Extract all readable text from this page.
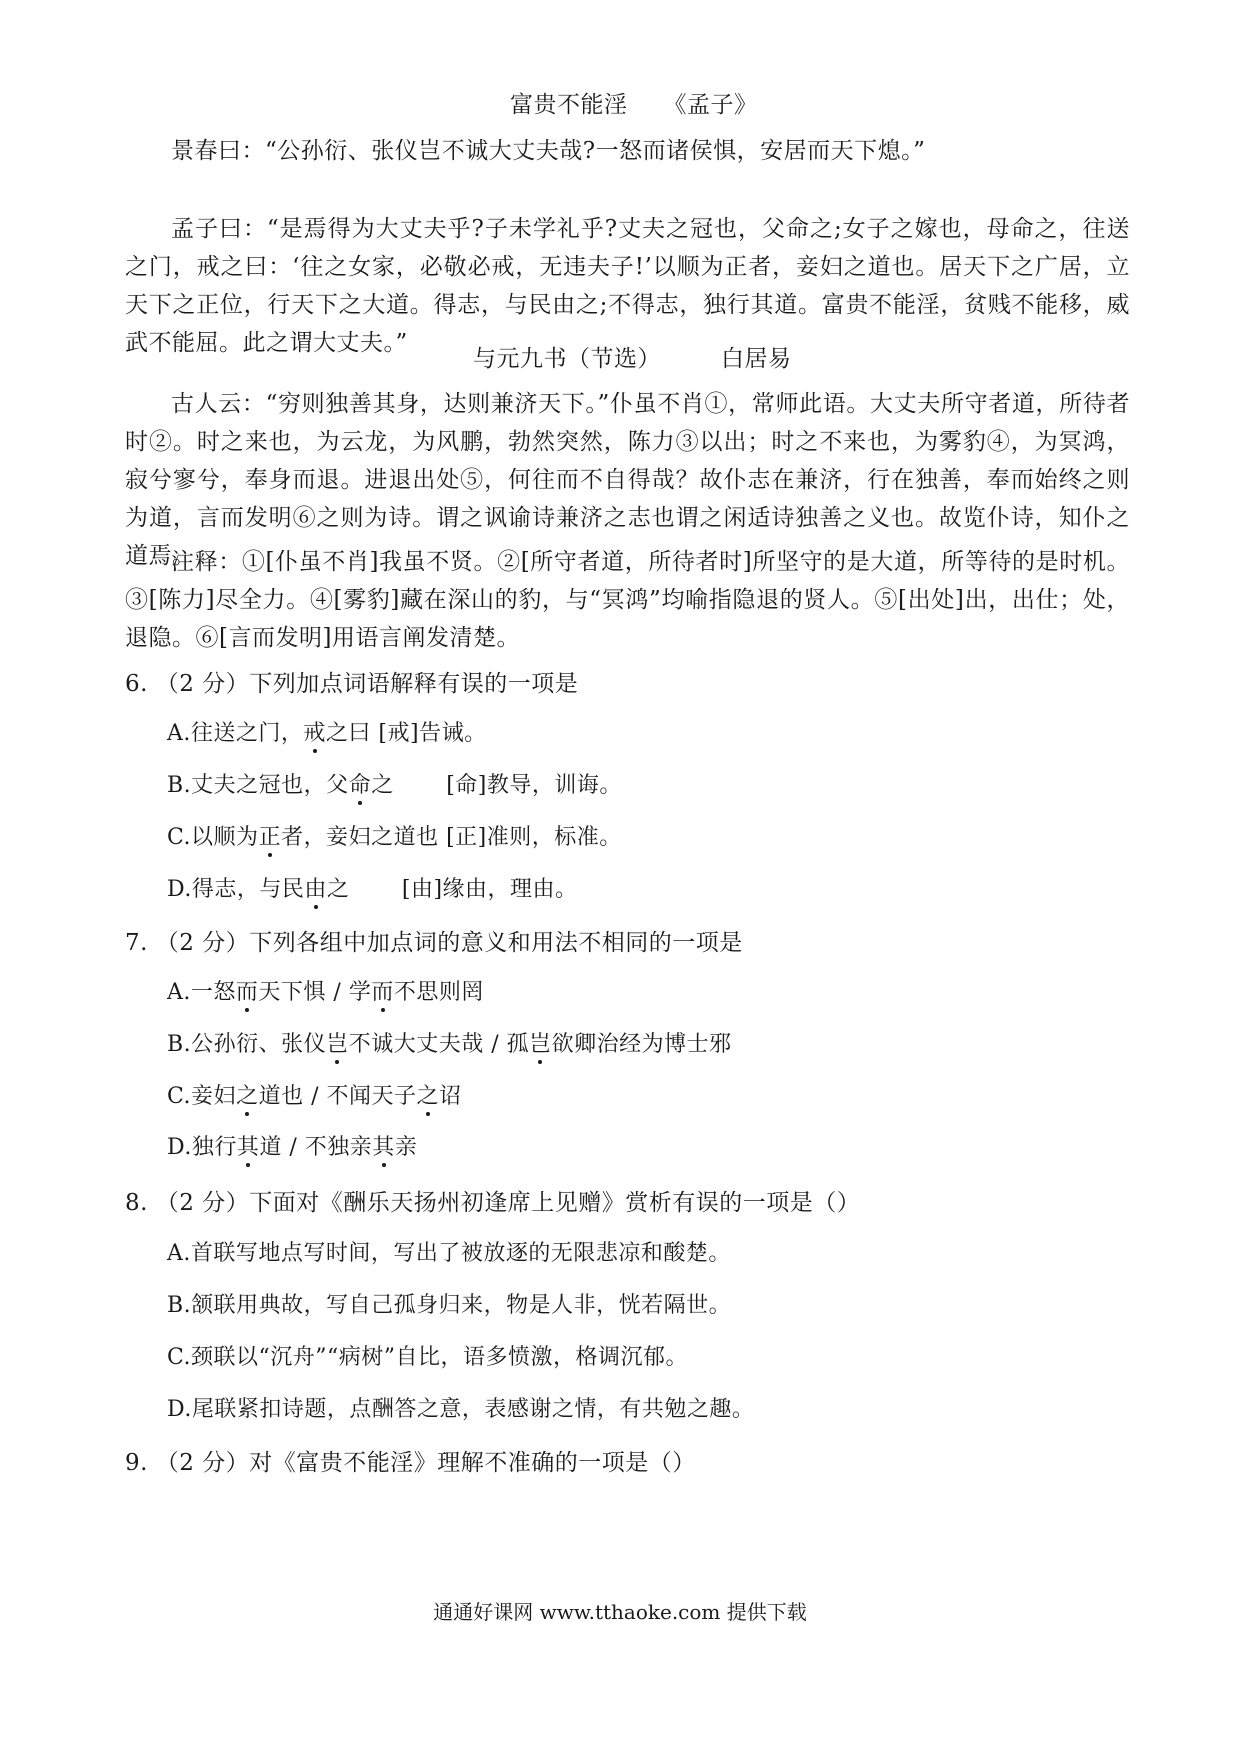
富贵不能淫 《孟子》

景春曰：“公孙衍、张仪岂不诚大丈夫哉?一怒而诸侯惧，安居而天下熄。”

孟子曰：“是焉得为大丈夫乎?子未学礼乎?丈夫之冠也，父命之;女子之嫁也，母命之，往送之门，戒之曰：‘往之女家，必敬必戒，无违夫子!’以顺为正者，妾妇之道也。居天下之广居，立天下之正位，行天下之大道。得志，与民由之;不得志，独行其道。富贵不能淫，贫贱不能移，威武不能屈。此之谓大丈夫。”

与元九书（节选）	白居易

古人云：“穷则独善其身，达则兼济天下。”仆虽不肖①，常师此语。大丈夫所守者道，所待者时②。时之来也，为云龙，为风鹏，勃然突然，陈力③以出；时之不来也，为雾豹④，为冥鸿，寂兮寥兮，奉身而退。进退出处⑤，何往而不自得哉？故仆志在兼济，行在独善，奉而始终之则为道，言而发明⑥之则为诗。谓之讽谕诗兼济之志也谓之闲适诗独善之义也。故览仆诗，知仆之道焉。

注释：①[仆虽不肖]我虽不贤。②[所守者道，所待者时]所坚守的是大道，所等待的是时机。③[陈力]尽全力。④[雾豹]藏在深山的豹，与“冥鸿”均喻指隐退的贤人。⑤[出处]出，出仕；处，退隐。⑥[言而发明]用语言阐发清楚。

6. （2 分）下列加点词语解释有误的一项是
A.往送之门，戒之曰 [戒]告诫。
B.丈夫之冠也，父命之　　 [命]教导，训诲。
C.以顺为正者，妾妇之道也 [正]准则，标准。
D.得志，与民由之　　 [由]缘由，理由。
7. （2 分）下列各组中加点词的意义和用法不相同的一项是
A.一怒而天下惧 / 学而不思则罔
B.公孙衍、张仪岂不诚大丈夫哉 / 孤岂欲卿治经为博士邪
C.妾妇之道也 / 不闻天子之诏
D.独行其道 / 不独亲其亲
8. （2 分）下面对《酬乐天扬州初逢席上见赠》赏析有误的一项是（）
A.首联写地点写时间，写出了被放逐的无限悲凉和酸楚。
B.颔联用典故，写自己孤身归来，物是人非，恍若隔世。
C.颈联以“沉舟”“病树”自比，语多愤激，格调沉郁。
D.尾联紧扣诗题，点酬答之意，表感谢之情，有共勉之趣。
9. （2 分）对《富贵不能淫》理解不准确的一项是（）
通通好课网 www.tthaoke.com 提供下载
